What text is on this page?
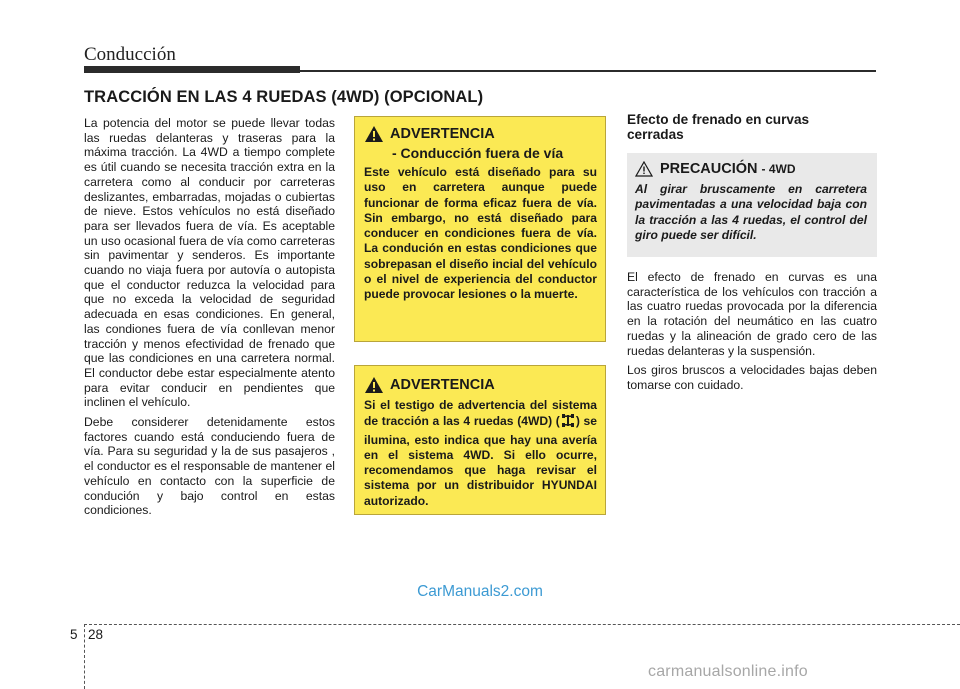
Conducción
TRACCIÓN EN LAS 4 RUEDAS (4WD) (OPCIONAL)

La potencia del motor se puede llevar todas las ruedas delanteras y traseras para la máxima tracción. La 4WD a tiempo complete es útil cuando se necesita tracción extra en la carretera como al conducir por carreteras deslizantes, embarradas, mojadas o cubiertas de nieve. Estos vehículos no está diseñado para ser llevados fuera de vía. Es aceptable un uso ocasional fuera de vía como carreteras sin pavimentar y senderos. Es importante cuando no viaja fuera por autovía o autopista que el conductor reduzca la velocidad para que no exceda la velocidad de seguridad adecuada en esas condiciones. En general, las condiones fuera de vía conllevan menor tracción y menos efectividad de frenado que que las condiciones en una carretera normal. El conductor debe estar especialmente atento para evitar conducir en pendientes que inclinen el vehículo.

Debe considerer detenidamente estos factores cuando está conduciendo fuera de vía. Para su seguridad y la de sus pasajeros , el conductor es el responsable de mantener el vehículo en contacto con la superficie de condución y bajo control en estas condiciones.

ADVERTENCIA
- Conducción fuera de vía
Este vehículo está diseñado para su uso en carretera aunque puede funcionar de forma eficaz fuera de vía. Sin embargo, no está diseñado para conducer en condiciones fuera de vía. La condución en estas condiciones que sobrepasan el diseño incial del vehículo o el nivel de experiencia del conductor puede provocar lesiones o la muerte.
ADVERTENCIA
Si el testigo de advertencia del sistema de tracción a las 4 ruedas (4WD) ( ) se ilumina, esto indica que hay una avería en el sistema 4WD. Si ello ocurre, recomendamos que haga revisar el sistema por un distribuidor HYUNDAI autorizado.
Efecto de frenado en curvas cerradas
PRECAUCIÓN - 4WD
Al girar bruscamente en carretera pavimentadas a una velocidad baja con la tracción a las 4 ruedas, el control del giro puede ser difícil.

El efecto de frenado en curvas es una característica de los vehículos con tracción a las cuatro ruedas provocada por la diferencia en la rotación del neumático en las cuatro ruedas y la alineación de grado cero de las ruedas delanteras y la suspensión.

Los giros bruscos a velocidades bajas deben tomarse con cuidado.

CarManuals2.com
5 28
carmanualsonline.info
